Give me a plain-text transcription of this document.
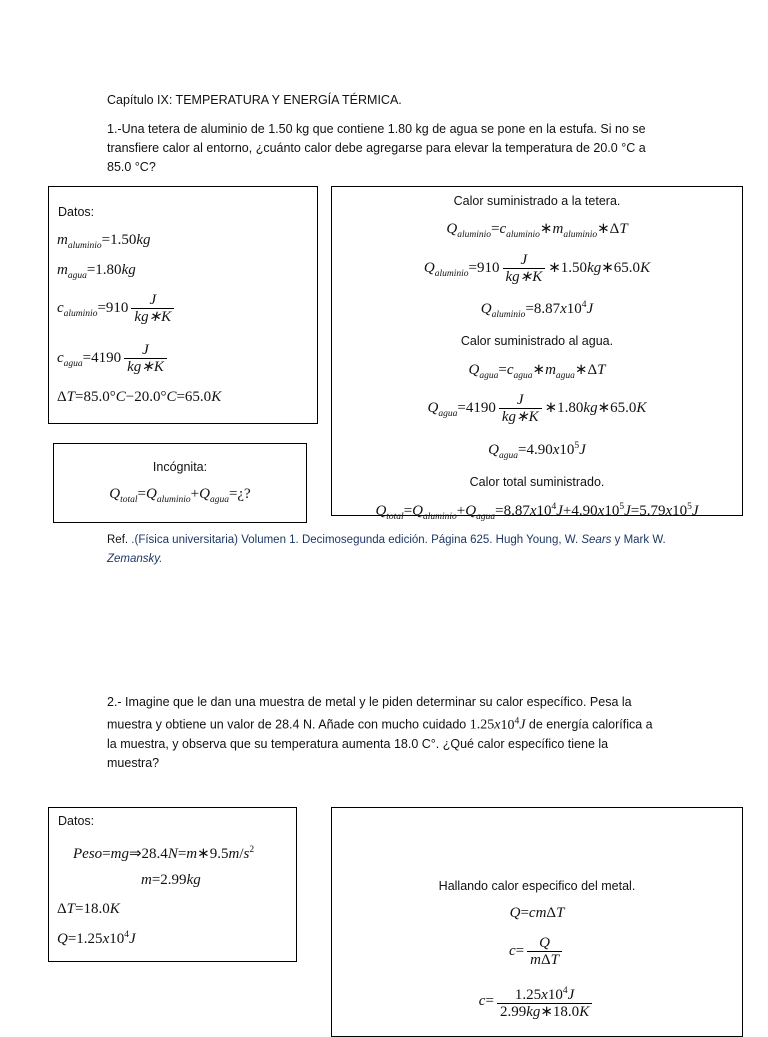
Capítulo IX: TEMPERATURA Y ENERGÍA TÉRMICA.
1.-Una tetera de aluminio de 1.50 kg que contiene 1.80 kg de agua se pone en la estufa. Si no se transfiere calor al entorno, ¿cuánto calor debe agregarse para elevar la temperatura de 20.0 °C a 85.0 °C?
Datos:
$m_{aluminio}=1.50kg$
$m_{agua}=1.80kg$
$c_{aluminio}=910 \frac{J}{kg∗K}$
$c_{agua}=4190 \frac{J}{kg∗K}$
ΔT=85.0°C−20.0°C=65.0K
Calor suministrado a la tetera.
$Q_{aluminio}=c_{aluminio}∗m_{aluminio}∗\Delta T$
$Q_{aluminio}=910 \frac{J}{kg∗K}$ ∗1.50kg∗65.0K
$Q_{aluminio}=8.87x10^4J$
Calor suministrado al agua.
$Q_{agua}=c_{agua}∗m_{agua}∗\Delta T$
$Q_{agua}=4190 \frac{J}{kg∗K}$ ∗1.80kg∗65.0K
$Q_{agua}=4.90x10^5J$
Calor total suministrado.
$Q_{total}=Q_{aluminio}+Q_{agua}=8.87x10^4J+4.90x10^5J=5.79x10^5J$
Incógnita:
$Q_{total}=Q_{aluminio}+Q_{agua}=¿$?
Ref. .(Física universitaria) Volumen 1. Decimosegunda edición. Página 625. Hugh Young, W. Sears y Mark W. Zemansky.
2.- Imagine que le dan una muestra de metal y le piden determinar su calor específico. Pesa la muestra y obtiene un valor de 28.4 N. Añade con mucho cuidado $1.25x10^4J$ de energía calorífica a la muestra, y observa que su temperatura aumenta 18.0 C°. ¿Qué calor específico tiene la muestra?
Datos:
$Peso=mg\Rightarrow 28.4N=m∗9.5m/s^2$
m=2.99kg
ΔT=18.0K
$Q=1.25x10^4J$
Hallando calor especifico del metal.
Q=cmΔT
$c= \frac{Q}{\text{mΔT}}$
$c= \frac{1.25x10^4J}{2.99kg∗18.0K}$
